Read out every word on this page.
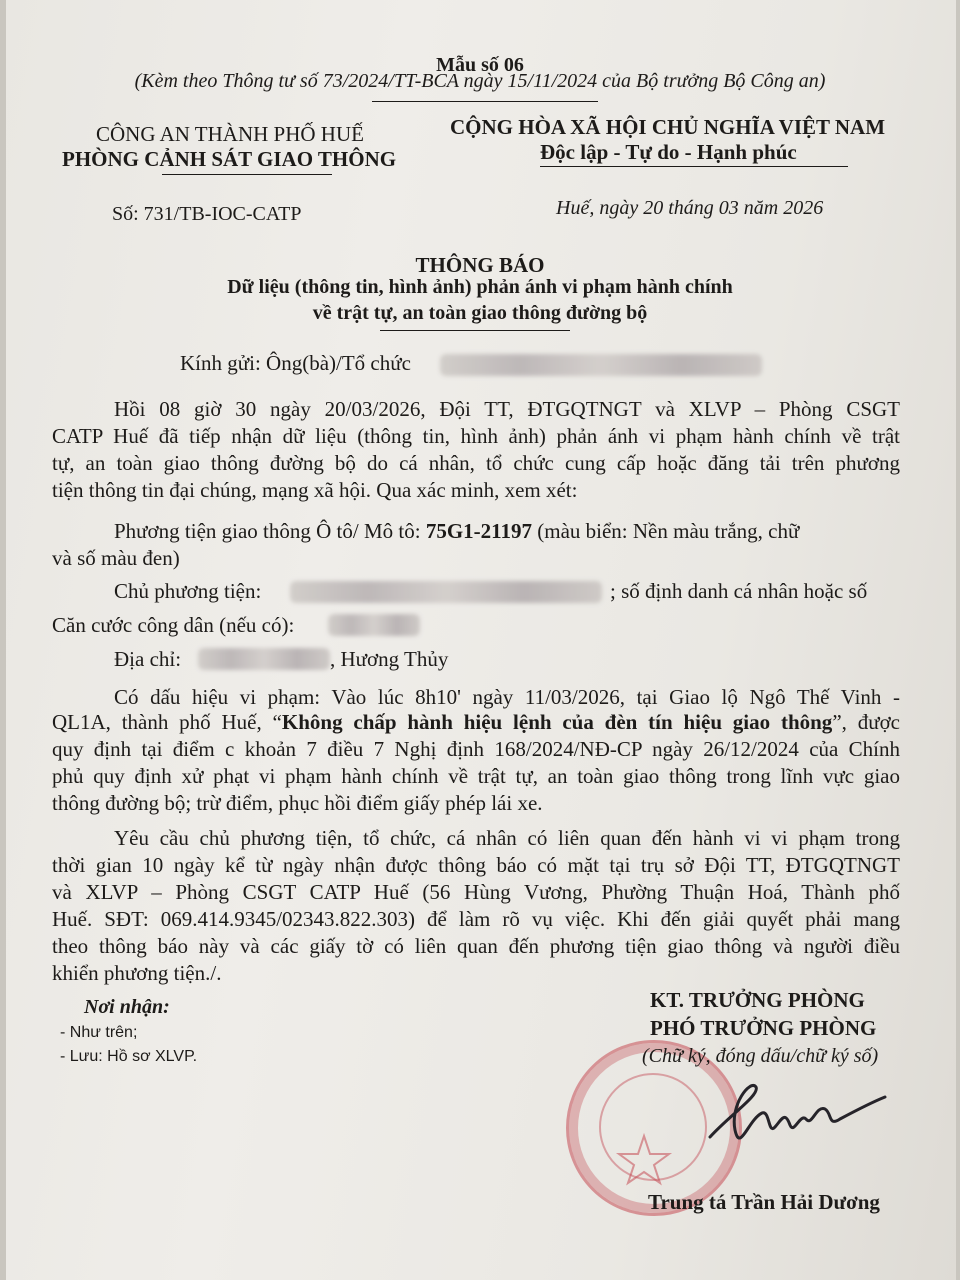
Mẫu số 06
(Kèm theo Thông tư số 73/2024/TT-BCA ngày 15/11/2024 của Bộ trưởng Bộ Công an)
CÔNG AN THÀNH PHỐ HUẾ
PHÒNG CẢNH SÁT GIAO THÔNG
Số: 731/TB-IOC-CATP
CỘNG HÒA XÃ HỘI CHỦ NGHĨA VIỆT NAM
Độc lập - Tự do - Hạnh phúc
Huế, ngày 20 tháng 03 năm 2026
THÔNG BÁO
Dữ liệu (thông tin, hình ảnh) phản ánh vi phạm hành chính
về trật tự, an toàn giao thông đường bộ
Kính gửi: Ông(bà)/Tổ chức
Hồi 08 giờ 30 ngày 20/03/2026, Đội TT, ĐTGQTNGT và XLVP – Phòng CSGT
CATP Huế đã tiếp nhận dữ liệu (thông tin, hình ảnh) phản ánh vi phạm hành chính về trật
tự, an toàn giao thông đường bộ do cá nhân, tổ chức cung cấp hoặc đăng tải trên phương
tiện thông tin đại chúng, mạng xã hội. Qua xác minh, xem xét:
Phương tiện giao thông Ô tô/ Mô tô: 75G1-21197 (màu biển: Nền màu trắng, chữ
và số màu đen)
Chủ phương tiện:	; số định danh cá nhân hoặc số
Căn cước công dân (nếu có):
Địa chỉ:	, Hương Thủy
Có dấu hiệu vi phạm: Vào lúc 8h10' ngày 11/03/2026, tại Giao lộ Ngô Thế Vinh -
QL1A, thành phố Huế, “Không chấp hành hiệu lệnh của đèn tín hiệu giao thông”, được
quy định tại điểm c khoản 7 điều 7 Nghị định 168/2024/NĐ-CP ngày 26/12/2024 của Chính
phủ quy định xử phạt vi phạm hành chính về trật tự, an toàn giao thông trong lĩnh vực giao
thông đường bộ; trừ điểm, phục hồi điểm giấy phép lái xe.
Yêu cầu chủ phương tiện, tổ chức, cá nhân có liên quan đến hành vi vi phạm trong
thời gian 10 ngày kể từ ngày nhận được thông báo có mặt tại trụ sở Đội TT, ĐTGQTNGT
và XLVP – Phòng CSGT CATP Huế (56 Hùng Vương, Phường Thuận Hoá, Thành phố
Huế. SĐT: 069.414.9345/02343.822.303) để làm rõ vụ việc. Khi đến giải quyết phải mang
theo thông báo này và các giấy tờ có liên quan đến phương tiện giao thông và người điều
khiển phương tiện./.
Nơi nhận:
- Như trên;
- Lưu: Hồ sơ XLVP.
KT. TRƯỞNG PHÒNG
PHÓ TRƯỞNG PHÒNG
(Chữ ký, đóng dấu/chữ ký số)
Trung tá Trần Hải Dương
